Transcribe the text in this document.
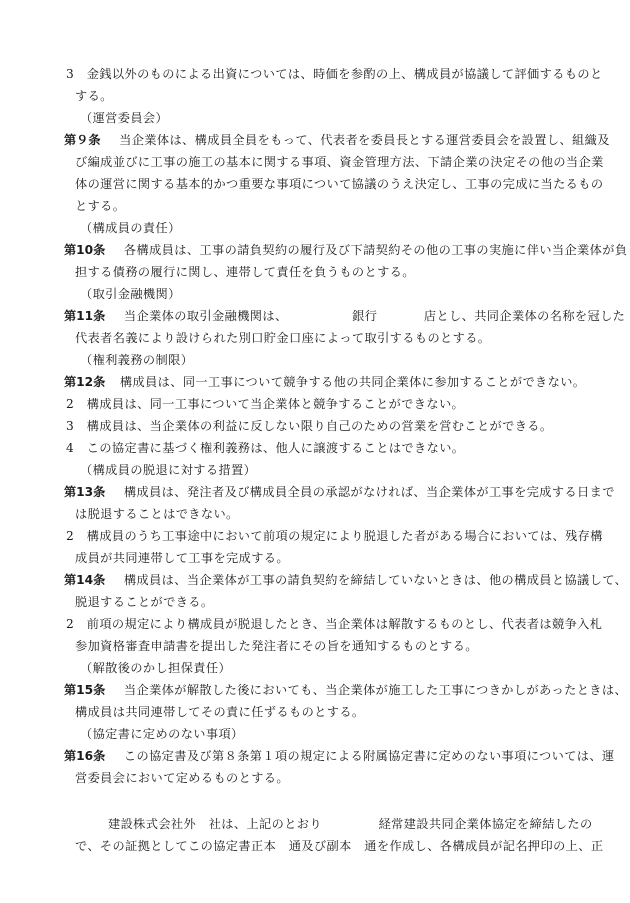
3　金銭以外のものによる出資については、時価を参酌の上、構成員が協議して評価するものと
する。
（運営委員会）
第９条 当企業体は、構成員全員をもって、代表者を委員長とする運営委員会を設置し、組織及
び編成並びに工事の施工の基本に関する事項、資金管理方法、下請企業の決定その他の当企業
体の運営に関する基本的かつ重要な事項について協議のうえ決定し、工事の完成に当たるもの
とする。
（構成員の責任）
第10条 各構成員は、工事の請負契約の履行及び下請契約その他の工事の実施に伴い当企業体が負
担する債務の履行に関し、連帯して責任を負うものとする。
（取引金融機関）
第11条 当企業体の取引金融機関は、	銀行	店とし、共同企業体の名称を冠した
代表者名義により設けられた別口貯金口座によって取引するものとする。
（権利義務の制限）
第12条 構成員は、同一工事について競争する他の共同企業体に参加することができない。
2　構成員は、同一工事について当企業体と競争することができない。
3　構成員は、当企業体の利益に反しない限り自己のための営業を営むことができる。
4　この協定書に基づく権利義務は、他人に譲渡することはできない。
（構成員の脱退に対する措置）
第13条 構成員は、発注者及び構成員全員の承認がなければ、当企業体が工事を完成する日まで
は脱退することはできない。
2　構成員のうち工事途中において前項の規定により脱退した者がある場合においては、残存構
成員が共同連帯して工事を完成する。
第14条 構成員は、当企業体が工事の請負契約を締結していないときは、他の構成員と協議して、
脱退することができる。
2　前項の規定により構成員が脱退したとき、当企業体は解散するものとし、代表者は競争入札
参加資格審査申請書を提出した発注者にその旨を通知するものとする。
（解散後のかし担保責任）
第15条 当企業体が解散した後においても、当企業体が施工した工事につきかしがあったときは、
構成員は共同連帯してその責に任ずるものとする。
（協定書に定めのない事項）
第16条 この協定書及び第８条第１項の規定による附属協定書に定めのない事項については、運
営委員会において定めるものとする。
建設株式会社外　社は、上記のとおり	経常建設共同企業体協定を締結したの
で、その証拠としてこの協定書正本　通及び副本　通を作成し、各構成員が記名押印の上、正
